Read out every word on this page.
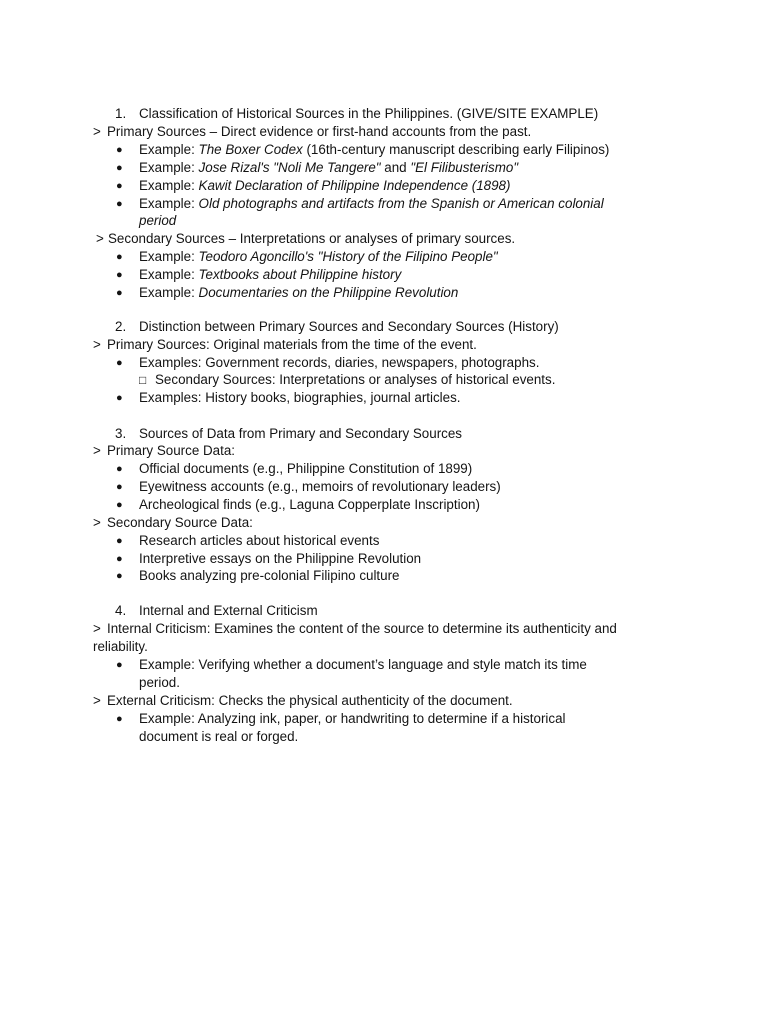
1. Classification of Historical Sources in the Philippines. (GIVE/SITE EXAMPLE)
> Primary Sources – Direct evidence or first-hand accounts from the past.
● Example: The Boxer Codex (16th-century manuscript describing early Filipinos)
● Example: Jose Rizal's "Noli Me Tangere" and "El Filibusterismo"
● Example: Kawit Declaration of Philippine Independence (1898)
● Example: Old photographs and artifacts from the Spanish or American colonial
period
> Secondary Sources – Interpretations or analyses of primary sources.
● Example: Teodoro Agoncillo's "History of the Filipino People"
● Example: Textbooks about Philippine history
● Example: Documentaries on the Philippine Revolution
2. Distinction between Primary Sources and Secondary Sources (History)
> Primary Sources: Original materials from the time of the event.
● Examples: Government records, diaries, newspapers, photographs.
□ Secondary Sources: Interpretations or analyses of historical events.
● Examples: History books, biographies, journal articles.
3. Sources of Data from Primary and Secondary Sources
> Primary Source Data:
● Official documents (e.g., Philippine Constitution of 1899)
● Eyewitness accounts (e.g., memoirs of revolutionary leaders)
● Archeological finds (e.g., Laguna Copperplate Inscription)
> Secondary Source Data:
● Research articles about historical events
● Interpretive essays on the Philippine Revolution
● Books analyzing pre-colonial Filipino culture
4. Internal and External Criticism
> Internal Criticism: Examines the content of the source to determine its authenticity and
reliability.
● Example: Verifying whether a document’s language and style match its time
period.
> External Criticism: Checks the physical authenticity of the document.
● Example: Analyzing ink, paper, or handwriting to determine if a historical
document is real or forged.
